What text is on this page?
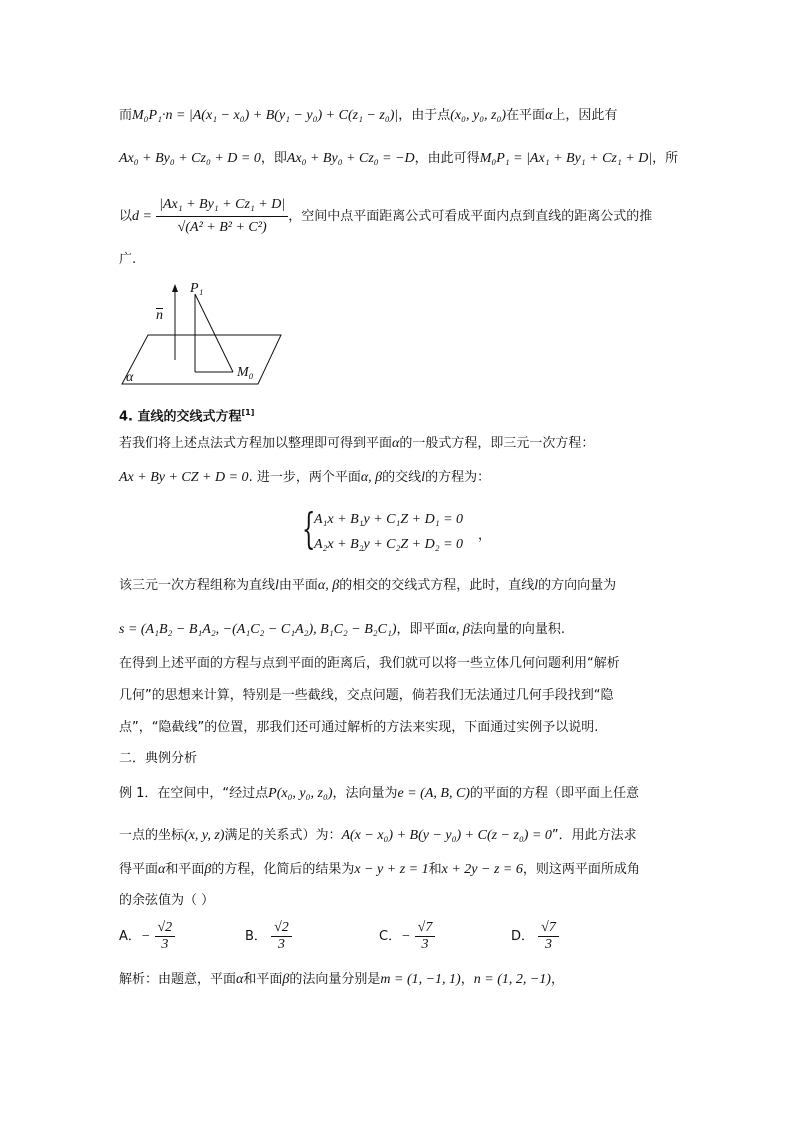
而M₀P₁·n = |A(x₁ − x₀) + B(y₁ − y₀) + C(z₁ − z₀)|，由于点(x₀, y₀, z₀)在平面α上，因此有
Ax₀ + By₀ + Cz₀ + D = 0，即Ax₀ + By₀ + Cz₀ = −D，由此可得M₀P₁ = |Ax₁ + By₁ + Cz₁ + D|，所
以$d = \frac{\text{|Ax₁ + By₁ + Cz₁ + D|}}{\text{√(A² + B² + C²)}}$ ，空间中点平面距离公式可看成平面内点到直线的距离公式的推
广.
P₁
n
M₀
α
4. 直线的交线式方程[1]
若我们将上述点法式方程加以整理即可得到平面α的一般式方程，即三元一次方程：
Ax + By + CZ + D = 0. 进一步，两个平面α, β的交线l的方程为：
{
A₁x + B₁y + C₁Z + D₁ = 0
A₂x + B₂y + C₂Z + D₂ = 0
，
该三元一次方程组称为直线l由平面α, β的相交的交线式方程，此时，直线l的方向向量为
s = (A₁B₂ − B₁A₂, −(A₁C₂ − C₁A₂), B₁C₂ − B₂C₁)，即平面α, β法向量的向量积.
在得到上述平面的方程与点到平面的距离后，我们就可以将一些立体几何问题利用“解析
几何”的思想来计算，特别是一些截线，交点问题，倘若我们无法通过几何手段找到“隐
点”，“隐截线”的位置，那我们还可通过解析的方法来实现，下面通过实例予以说明.
二．典例分析
例 1．在空间中，“经过点P(x₀, y₀, z₀)，法向量为e = (A, B, C)的平面的方程（即平面上任意
一点的坐标(x, y, z)满足的关系式）为：A(x − x₀) + B(y − y₀) + C(z − z₀) = 0”．用此方法求
得平面α和平面β的方程，化简后的结果为x − y + z = 1和x + 2y − z = 6，则这两平面所成角
的余弦值为（ ）
A．− $\frac{√2}{3}$	B． $\frac{√2}{3}$	C．− $\frac{√7}{3}$	D． $\frac{√7}{3}$
解析：由题意，平面α和平面β的法向量分别是m = (1, −1, 1)，n = (1, 2, −1)，
